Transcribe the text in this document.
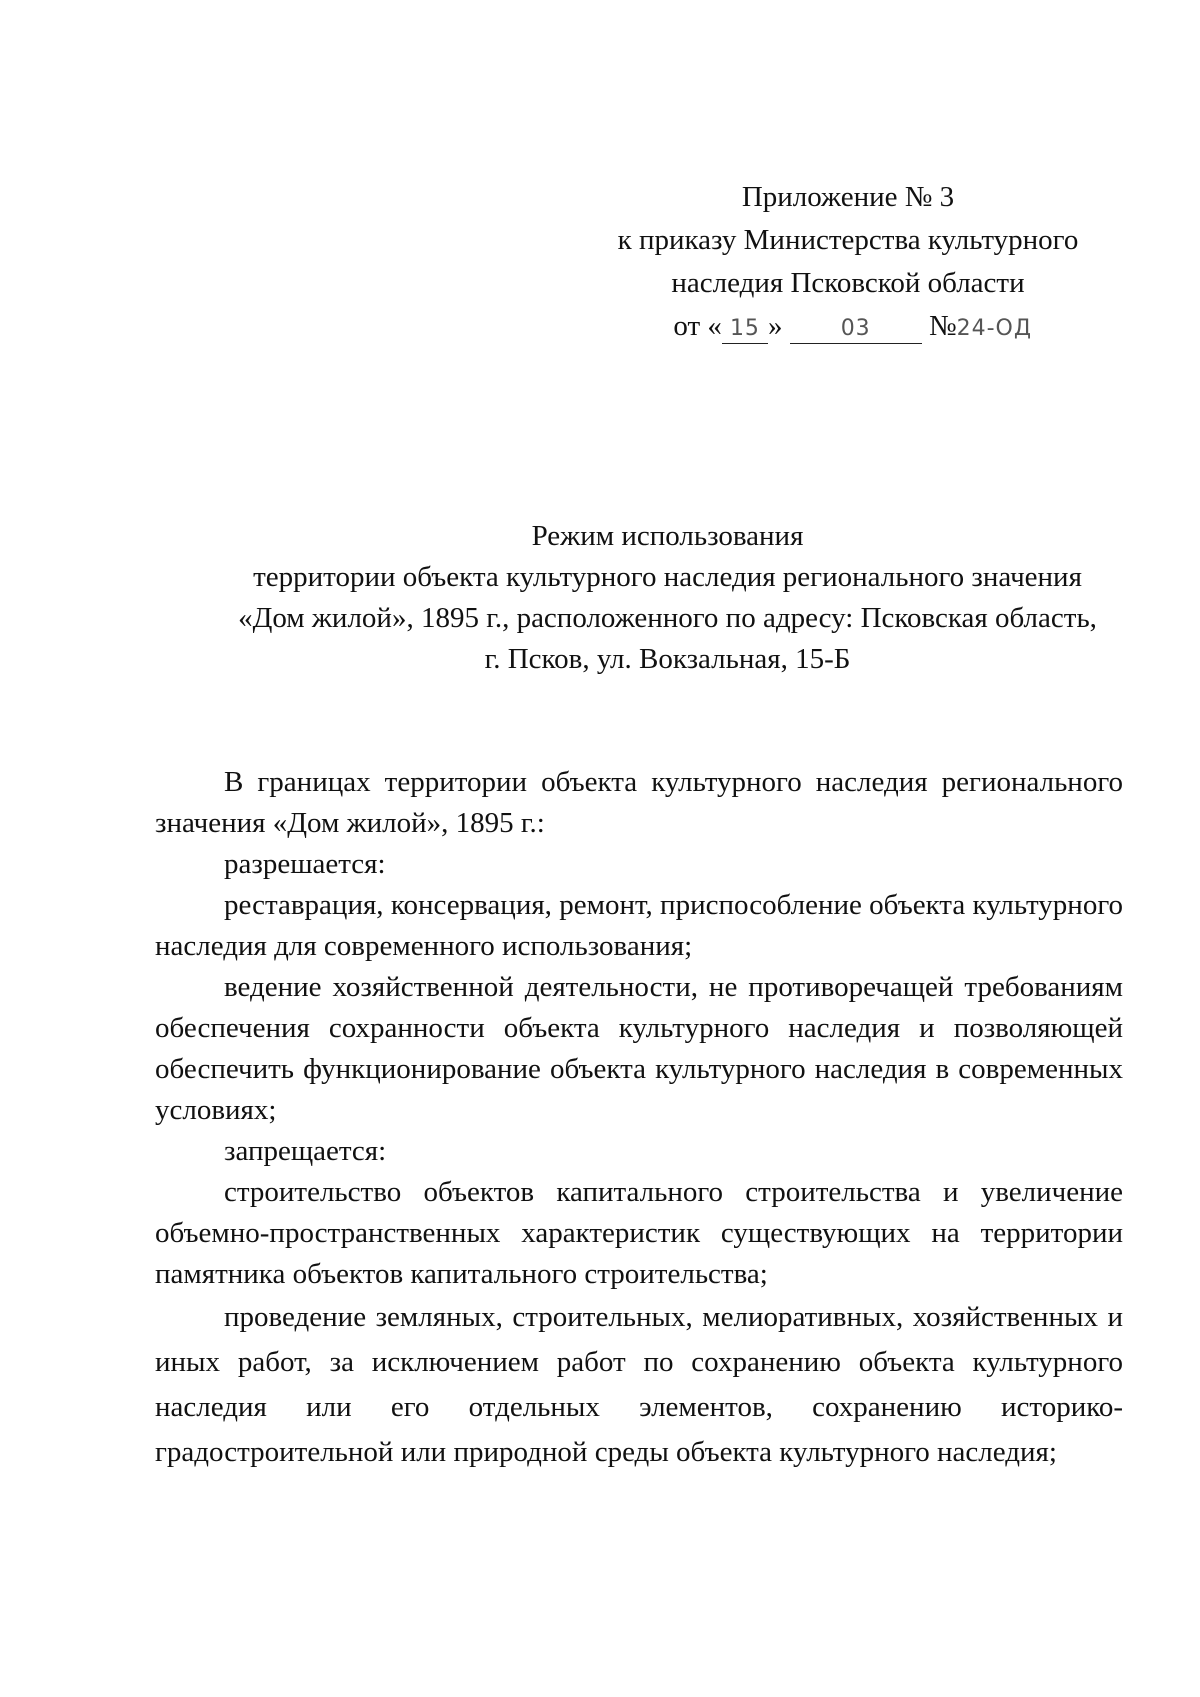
Приложение № 3
к приказу Министерства культурного
наследия Псковской области
от « 15 »	03 №24-ОД
Режим использования
территории объекта культурного наследия регионального значения
«Дом жилой», 1895 г., расположенного по адресу: Псковская область,
г. Псков, ул. Вокзальная, 15-Б

В границах территории объекта культурного наследия регионального значения «Дом жилой», 1895 г.:

разрешается:

реставрация, консервация, ремонт, приспособление объекта культурного наследия для современного использования;

ведение хозяйственной деятельности, не противоречащей требованиям обеспечения сохранности объекта культурного наследия и позволяющей обеспечить функционирование объекта культурного наследия в современных условиях;

запрещается:

строительство объектов капитального строительства и увеличение объемно-пространственных характеристик существующих на территории памятника объектов капитального строительства;

проведение земляных, строительных, мелиоративных, хозяйственных и иных работ, за исключением работ по сохранению объекта культурного наследия или его отдельных элементов, сохранению историко-градостроительной или природной среды объекта культурного наследия;
